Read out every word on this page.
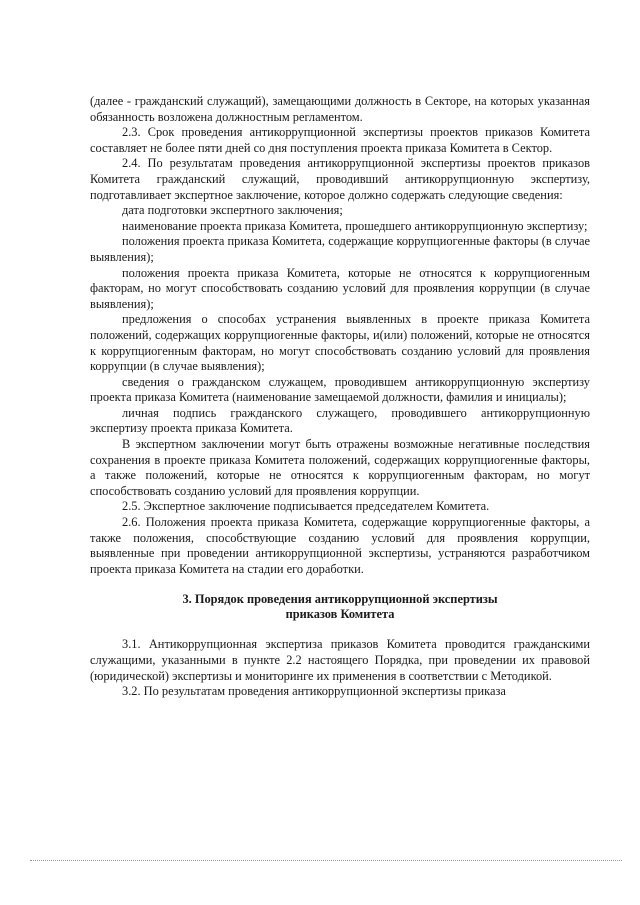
(далее - гражданский служащий), замещающими должность в Секторе, на которых указанная обязанность возложена должностным регламентом.

2.3. Срок проведения антикоррупционной экспертизы проектов приказов Комитета составляет не более пяти дней со дня поступления проекта приказа Комитета в Сектор.

2.4. По результатам проведения антикоррупционной экспертизы проектов приказов Комитета гражданский служащий, проводивший антикоррупционную экспертизу, подготавливает экспертное заключение, которое должно содержать следующие сведения:

дата подготовки экспертного заключения;

наименование проекта приказа Комитета, прошедшего антикоррупционную экспертизу;

положения проекта приказа Комитета, содержащие коррупциогенные факторы (в случае выявления);

положения проекта приказа Комитета, которые не относятся к коррупциогенным факторам, но могут способствовать созданию условий для проявления коррупции (в случае выявления);

предложения о способах устранения выявленных в проекте приказа Комитета положений, содержащих коррупциогенные факторы, и(или) положений, которые не относятся к коррупциогенным факторам, но могут способствовать созданию условий для проявления коррупции (в случае выявления);

сведения о гражданском служащем, проводившем антикоррупционную экспертизу проекта приказа Комитета (наименование замещаемой должности, фамилия и инициалы);

личная подпись гражданского служащего, проводившего антикоррупционную экспертизу проекта приказа Комитета.

В экспертном заключении могут быть отражены возможные негативные последствия сохранения в проекте приказа Комитета положений, содержащих коррупциогенные факторы, а также положений, которые не относятся к коррупциогенным факторам, но могут способствовать созданию условий для проявления коррупции.

2.5. Экспертное заключение подписывается председателем Комитета.

2.6. Положения проекта приказа Комитета, содержащие коррупциогенные факторы, а также положения, способствующие созданию условий для проявления коррупции, выявленные при проведении антикоррупционной экспертизы, устраняются разработчиком проекта приказа Комитета на стадии его доработки.

3. Порядок проведения антикоррупционной экспертизы
приказов Комитета

3.1. Антикоррупционная экспертиза приказов Комитета проводится гражданскими служащими, указанными в пункте 2.2 настоящего Порядка, при проведении их правовой (юридической) экспертизы и мониторинге их применения в соответствии с Методикой.

3.2. По результатам проведения антикоррупционной экспертизы приказа
